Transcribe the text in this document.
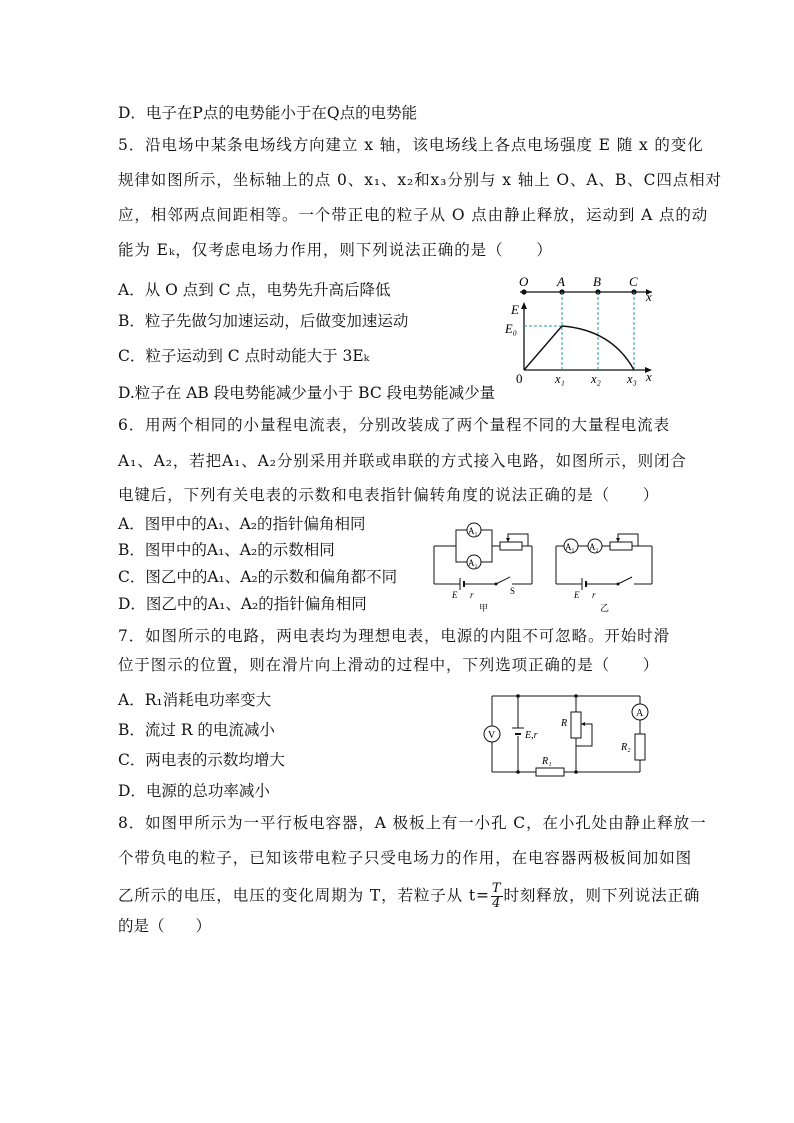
D．电子在P点的电势能小于在Q点的电势能
5．沿电场中某条电场线方向建立 x 轴，该电场线上各点电场强度 E 随 x 的变化
规律如图所示，坐标轴上的点 0、x₁、x₂和x₃分别与 x 轴上 O、A、B、C四点相对
应，相邻两点间距相等。一个带正电的粒子从 O 点由静止释放，运动到 A 点的动
能为 Eₖ，仅考虑电场力作用，则下列说法正确的是（　　）
A．从 O 点到 C 点，电势先升高后降低
B．粒子先做匀加速运动，后做变加速运动
C．粒子运动到 C 点时动能大于 3Eₖ
D.粒子在 AB 段电势能减少量小于 BC 段电势能减少量
6．用两个相同的小量程电流表，分别改装成了两个量程不同的大量程电流表
A₁、A₂，若把A₁、A₂分别采用并联或串联的方式接入电路，如图所示，则闭合
电键后，下列有关电表的示数和电表指针偏转角度的说法正确的是（　　）
A．图甲中的A₁、A₂的指针偏角相同
B．图甲中的A₁、A₂的示数相同
C．图乙中的A₁、A₂的示数和偏角都不同
D．图乙中的A₁、A₂的指针偏角相同
7．如图所示的电路，两电表均为理想电表，电源的内阻不可忽略。开始时滑
位于图示的位置，则在滑片向上滑动的过程中，下列选项正确的是（　　）
A．R₁消耗电功率变大
B．流过 R 的电流减小
C．两电表的示数均增大
D．电源的总功率减小
8．如图甲所示为一平行板电容器，A 极板上有一小孔 C，在小孔处由静止释放一
个带负电的粒子，已知该带电粒子只受电场力的作用，在电容器两极板间加如图
乙所示的电压，电压的变化周期为 T，若粒子从 $t= \frac{T}{4}$ 时刻释放，则下列说法正确
的是（　　）
O A B C
x
E
E₀
0	x₁ x₂ x₃ x
A₁
A₂
E r	S
甲
A₁ A₂
E r
乙
V	E,r
R
R₁
A
R₂
